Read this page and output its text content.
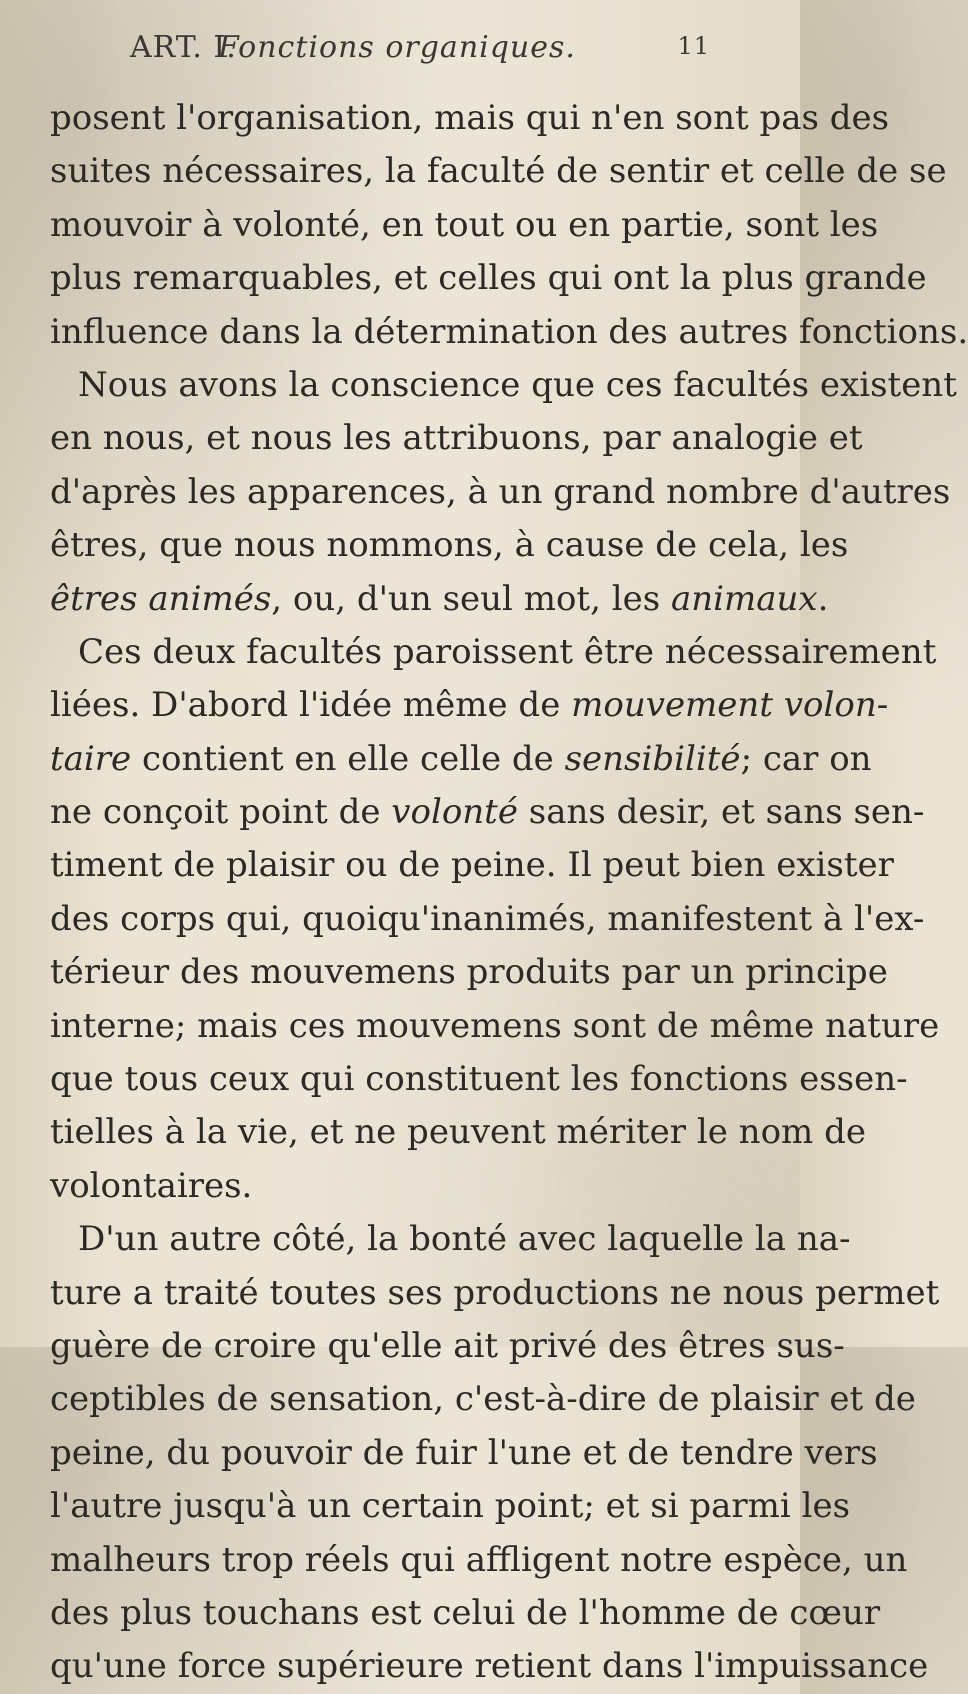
ART. I.
Fonctions organiques.	11
posent l'organisation, mais qui n'en sont pas des
suites nécessaires, la faculté de sentir et celle de se
mouvoir à volonté, en tout ou en partie, sont les
plus remarquables, et celles qui ont la plus grande
influence dans la détermination des autres fonctions.
Nous avons la conscience que ces facultés existent
en nous, et nous les attribuons, par analogie et
d'après les apparences, à un grand nombre d'autres
êtres, que nous nommons, à cause de cela, les
êtres animés, ou, d'un seul mot, les animaux.
Ces deux facultés paroissent être nécessairement
liées. D'abord l'idée même de mouvement volon-
taire contient en elle celle de sensibilité; car on
ne conçoit point de volonté sans desir, et sans sen-
timent de plaisir ou de peine. Il peut bien exister
des corps qui, quoiqu'inanimés, manifestent à l'ex-
térieur des mouvemens produits par un principe
interne; mais ces mouvemens sont de même nature
que tous ceux qui constituent les fonctions essen-
tielles à la vie, et ne peuvent mériter le nom de
volontaires.
D'un autre côté, la bonté avec laquelle la na-
ture a traité toutes ses productions ne nous permet
guère de croire qu'elle ait privé des êtres sus-
ceptibles de sensation, c'est-à-dire de plaisir et de
peine, du pouvoir de fuir l'une et de tendre vers
l'autre jusqu'à un certain point; et si parmi les
malheurs trop réels qui affligent notre espèce, un
des plus touchans est celui de l'homme de cœur
qu'une force supérieure retient dans l'impuissance
